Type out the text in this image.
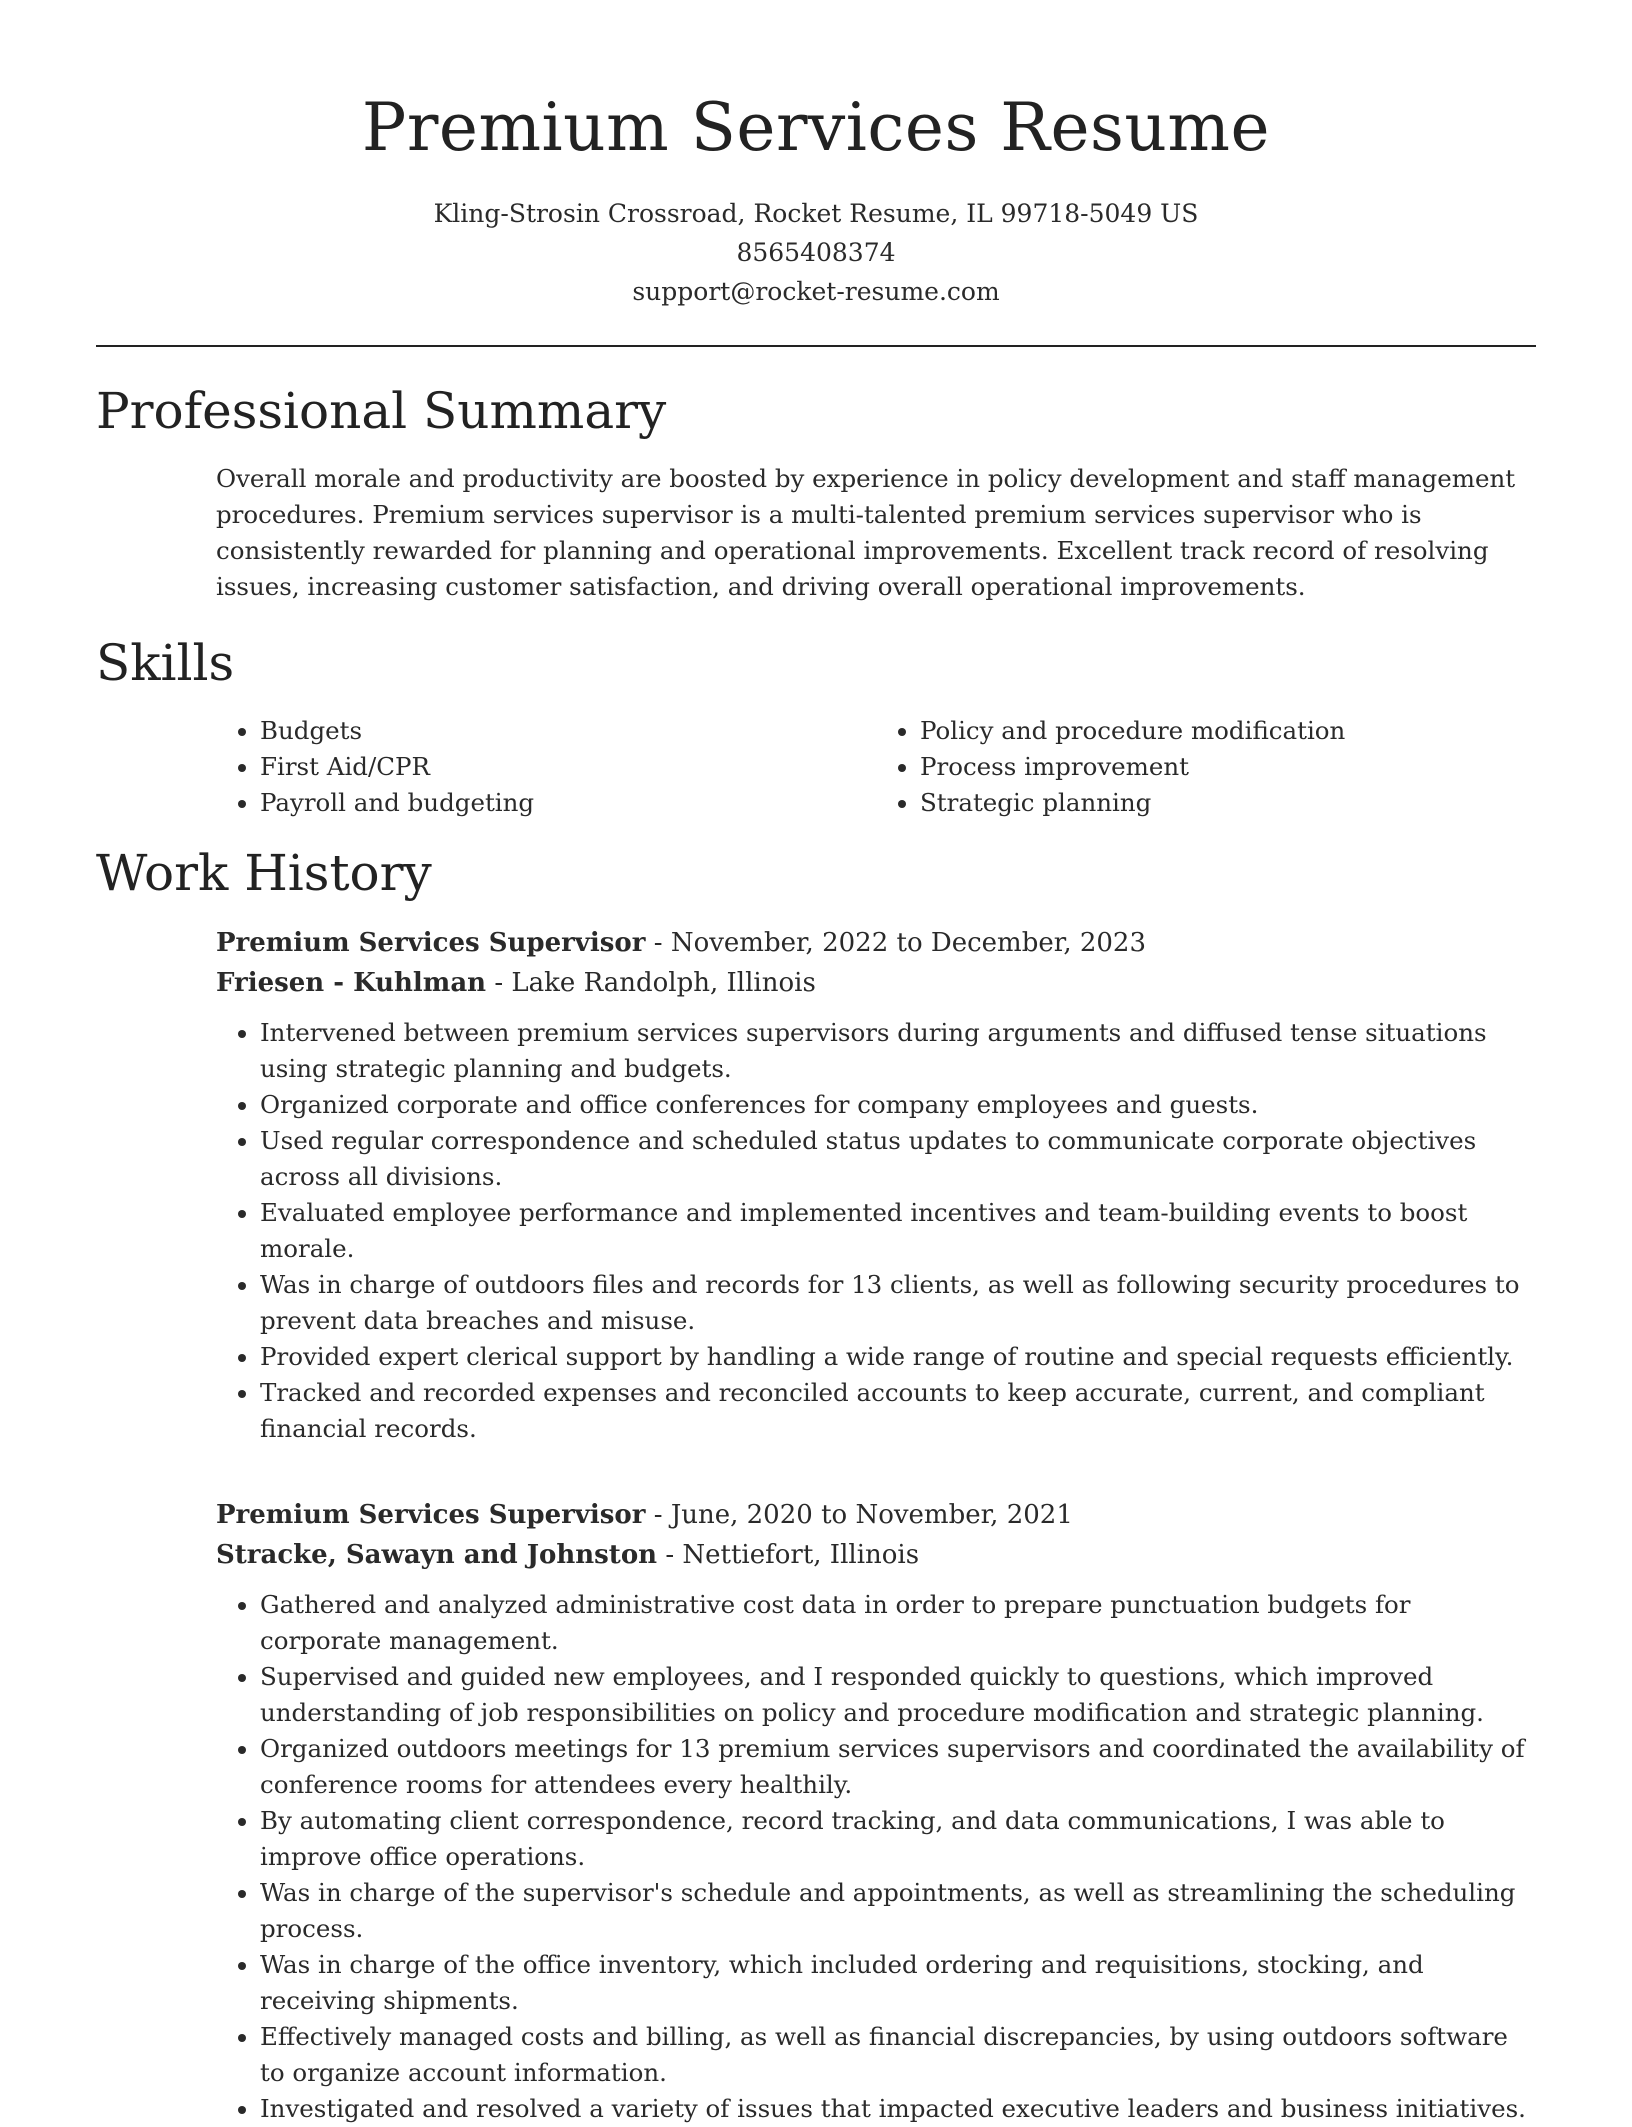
Premium Services Resume
Kling-Strosin Crossroad, Rocket Resume, IL 99718-5049 US
8565408374
support@rocket-resume.com
Professional Summary

Overall morale and productivity are boosted by experience in policy development and staff management procedures. Premium services supervisor is a multi-talented premium services supervisor who is consistently rewarded for planning and operational improvements. Excellent track record of resolving issues, increasing customer satisfaction, and driving overall operational improvements.

Skills
• Budgets
• First Aid/CPR
• Payroll and budgeting
• Policy and procedure modification
• Process improvement
• Strategic planning
Work History
Premium Services Supervisor - November, 2022 to December, 2023
Friesen - Kuhlman - Lake Randolph, Illinois
• Intervened between premium services supervisors during arguments and diffused tense situations using strategic planning and budgets.
• Organized corporate and office conferences for company employees and guests.
• Used regular correspondence and scheduled status updates to communicate corporate objectives across all divisions.
• Evaluated employee performance and implemented incentives and team-building events to boost morale.
• Was in charge of outdoors files and records for 13 clients, as well as following security procedures to prevent data breaches and misuse.
• Provided expert clerical support by handling a wide range of routine and special requests efficiently.
• Tracked and recorded expenses and reconciled accounts to keep accurate, current, and compliant financial records.
Premium Services Supervisor - June, 2020 to November, 2021
Stracke, Sawayn and Johnston - Nettiefort, Illinois
• Gathered and analyzed administrative cost data in order to prepare punctuation budgets for corporate management.
• Supervised and guided new employees, and I responded quickly to questions, which improved understanding of job responsibilities on policy and procedure modification and strategic planning.
• Organized outdoors meetings for 13 premium services supervisors and coordinated the availability of conference rooms for attendees every healthily.
• By automating client correspondence, record tracking, and data communications, I was able to improve office operations.
• Was in charge of the supervisor's schedule and appointments, as well as streamlining the scheduling process.
• Was in charge of the office inventory, which included ordering and requisitions, stocking, and receiving shipments.
• Effectively managed costs and billing, as well as financial discrepancies, by using outdoors software to organize account information.
• Investigated and resolved a variety of issues that impacted executive leaders and business initiatives.
